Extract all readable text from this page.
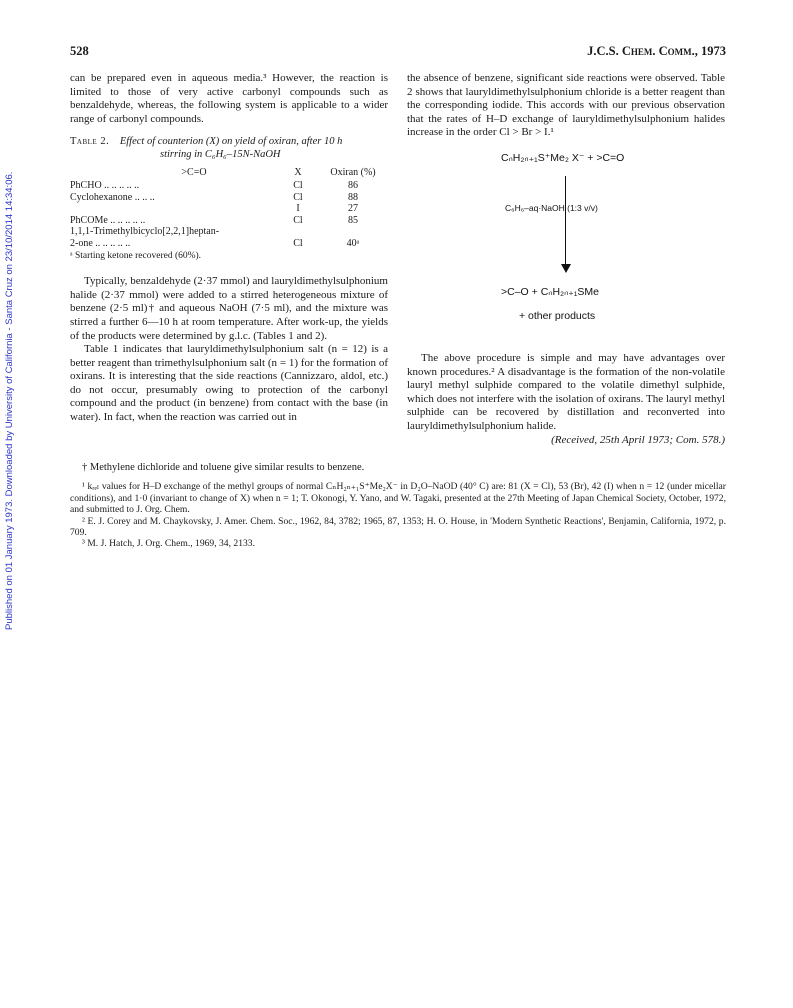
Published on 01 January 1973. Downloaded by University of California - Santa Cruz on 23/10/2014 14:34:06.
528	J.C.S. Chem. Comm., 1973

can be prepared even in aqueous media.³ However, the reaction is limited to those of very active carbonyl compounds such as benzaldehyde, whereas, the following system is applicable to a wider range of carbonyl compounds.

Table 2. Effect of counterion (X) on yield of oxiran, after 10 h
stirring in C₆H₆–15N-NaOH
>C=O	X	Oxiran (%)
PhCHO .. .. .. .. ..	Cl	86
Cyclohexanone .. .. ..	Cl	88
	I	27
PhCOMe .. .. .. .. ..	Cl	85
1,1,1-Trimethylbicyclo[2,2,1]heptan-		
2-one .. .. .. .. ..	Cl	40ᵃ

ᵃ Starting ketone recovered (60%).

Typically, benzaldehyde (2·37 mmol) and lauryldimethylsulphonium halide (2·37 mmol) were added to a stirred heterogeneous mixture of benzene (2·5 ml)† and aqueous NaOH (7·5 ml), and the mixture was stirred a further 6—10 h at room temperature. After work-up, the yields of the products were determined by g.l.c. (Tables 1 and 2).

Table 1 indicates that lauryldimethylsulphonium salt (n = 12) is a better reagent than trimethylsulphonium salt (n = 1) for the formation of oxirans. It is interesting that the side reactions (Cannizzaro, aldol, etc.) do not occur, presumably owing to protection of the carbonyl compound and the product (in benzene) from contact with the base (in water). In fact, when the reaction was carried out in

the absence of benzene, significant side reactions were observed. Table 2 shows that lauryldimethylsulphonium chloride is a better reagent than the corresponding iodide. This accords with our previous observation that the rates of H–D exchange of lauryldimethylsulphonium halides increase in the order Cl > Br > I.¹

CₙH₂ₙ₊₁S⁺Me₂ X⁻ + >C=O
C₆H₆–aq·NaOH (1:3 v/v)
>C–O + CₙH₂ₙ₊₁SMe
+ other products

The above procedure is simple and may have advantages over known procedures.² A disadvantage is the formation of the non-volatile lauryl methyl sulphide compared to the volatile dimethyl sulphide, which does not interfere with the isolation of oxirans. The lauryl methyl sulphide can be recovered by distillation and reconverted into lauryldimethylsulphonium halide.

(Received, 25th April 1973; Com. 578.)

† Methylene dichloride and toluene give similar results to benzene.

¹ kᵣₑₗ values for H–D exchange of the methyl groups of normal CₙH₂ₙ₊₁S⁺Me₂X⁻ in D₂O–NaOD (40° C) are: 81 (X = Cl), 53 (Br), 42 (I) when n = 12 (under micellar conditions), and 1·0 (invariant to change of X) when n = 1; T. Okonogi, Y. Yano, and W. Tagaki, presented at the 27th Meeting of Japan Chemical Society, October, 1972, and submitted to J. Org. Chem.

² E. J. Corey and M. Chaykovsky, J. Amer. Chem. Soc., 1962, 84, 3782; 1965, 87, 1353; H. O. House, in 'Modern Synthetic Reactions', Benjamin, California, 1972, p. 709.

³ M. J. Hatch, J. Org. Chem., 1969, 34, 2133.
